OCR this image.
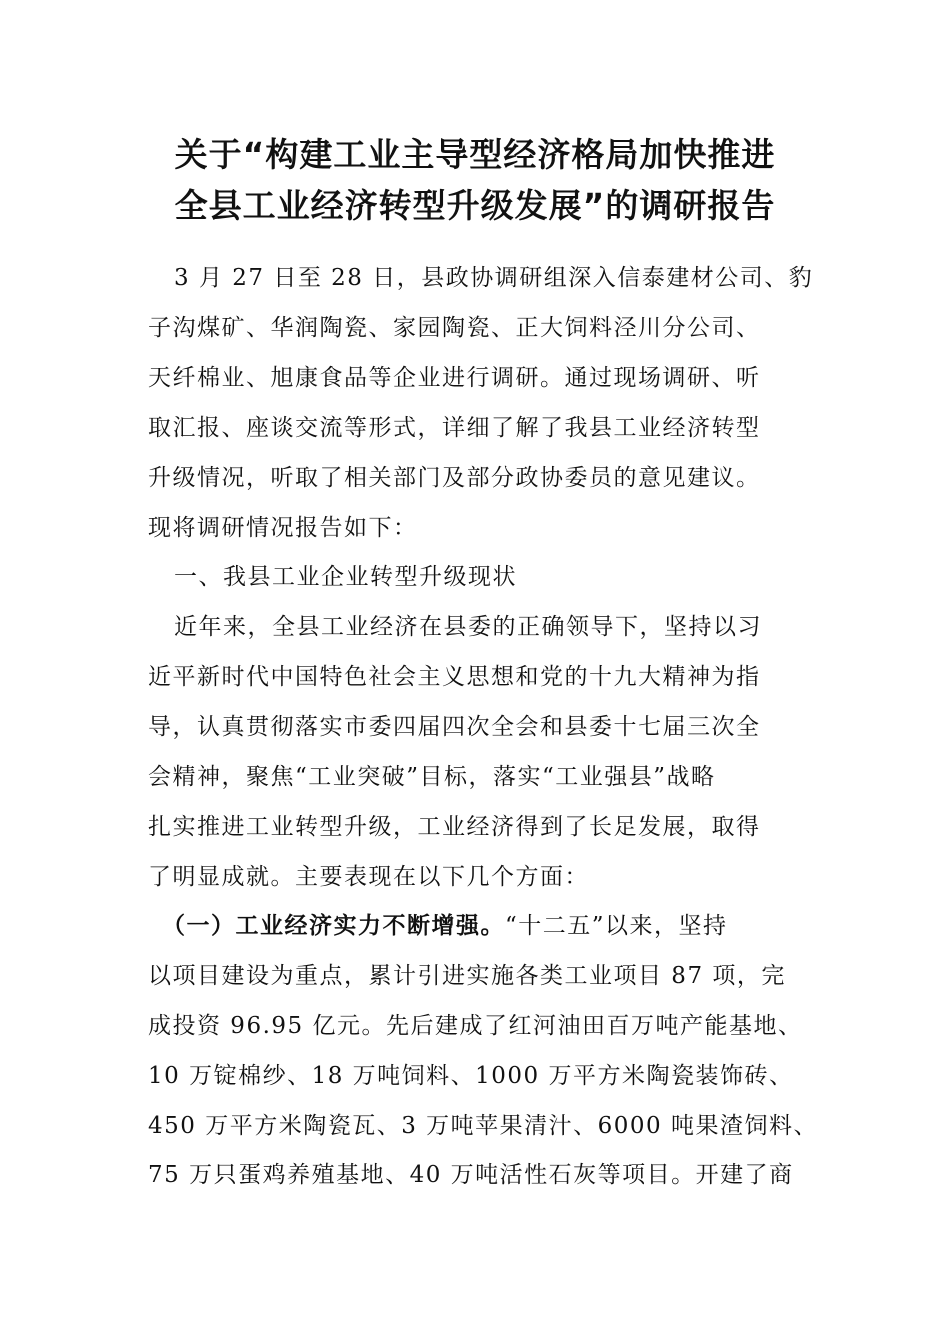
关于“构建工业主导型经济格局加快推进
全县工业经济转型升级发展”的调研报告
3 月 27 日至 28 日，县政协调研组深入信泰建材公司、豹
子沟煤矿、华润陶瓷、家园陶瓷、正大饲料泾川分公司、
天纤棉业、旭康食品等企业进行调研。通过现场调研、听
取汇报、座谈交流等形式，详细了解了我县工业经济转型
升级情况，听取了相关部门及部分政协委员的意见建议。
现将调研情况报告如下：
一、我县工业企业转型升级现状
近年来，全县工业经济在县委的正确领导下，坚持以习
近平新时代中国特色社会主义思想和党的十九大精神为指
导，认真贯彻落实市委四届四次全会和县委十七届三次全
会精神，聚焦“工业突破”目标，落实“工业强县”战略
扎实推进工业转型升级，工业经济得到了长足发展，取得
了明显成就。主要表现在以下几个方面：
（一）工业经济实力不断增强。“十二五”以来，坚持
以项目建设为重点，累计引进实施各类工业项目 87 项，完
成投资 96.95 亿元。先后建成了红河油田百万吨产能基地、
10 万锭棉纱、18 万吨饲料、1000 万平方米陶瓷装饰砖、
450 万平方米陶瓷瓦、3 万吨苹果清汁、6000 吨果渣饲料、
75 万只蛋鸡养殖基地、40 万吨活性石灰等项目。开建了商
